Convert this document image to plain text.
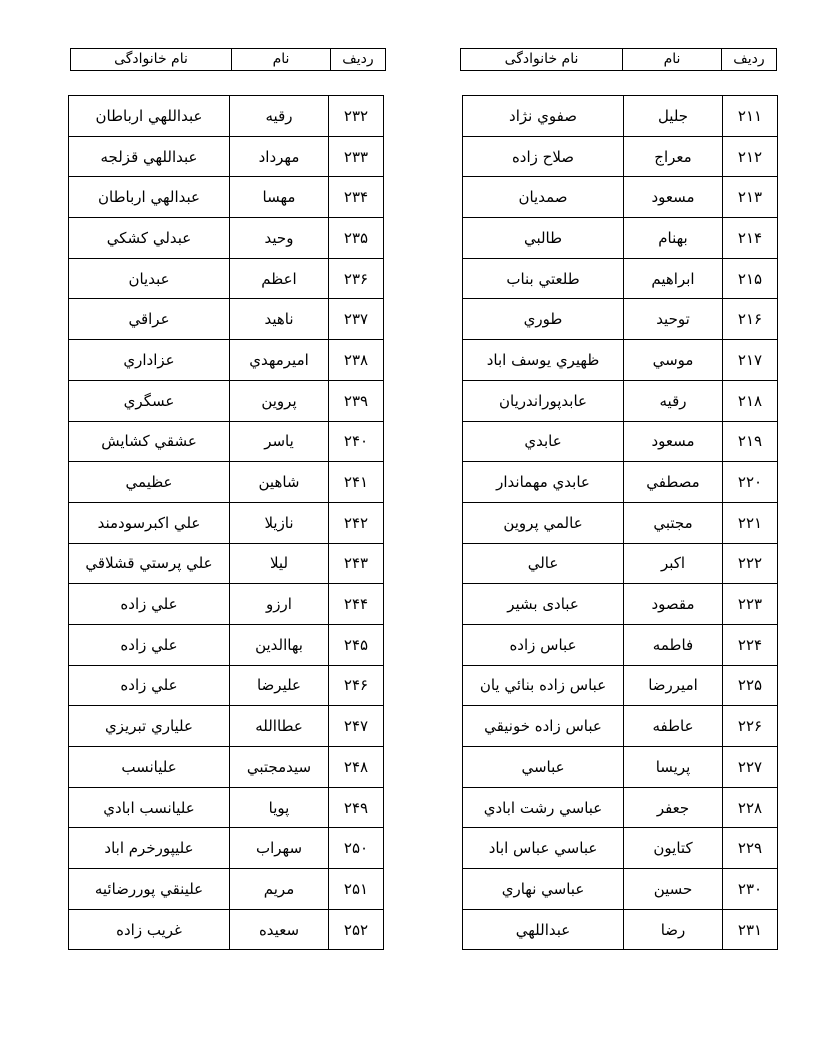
ردیف	نام	نام خانوادگی
ردیف	نام	نام خانوادگی
۲۱۱	جليل	صفوي نژاد
۲۱۲	معراج	صلاح زاده
۲۱۳	مسعود	صمديان
۲۱۴	بهنام	طالبي
۲۱۵	ابراهيم	طلعتي بناب
۲۱۶	توحيد	طوري
۲۱۷	موسي	ظهيري يوسف اباد
۲۱۸	رقيه	عابدپوراندريان
۲۱۹	مسعود	عابدي
۲۲۰	مصطفي	عابدي مهماندار
۲۲۱	مجتبي	عالمي پروين
۲۲۲	اكبر	عالي
۲۲۳	مقصود	عبادی بشير
۲۲۴	فاطمه	عباس زاده
۲۲۵	اميررضا	عباس زاده بنائي يان
۲۲۶	عاطفه	عباس زاده خونيقي
۲۲۷	پريسا	عباسي
۲۲۸	جعفر	عباسي رشت ابادي
۲۲۹	كتايون	عباسي عباس اباد
۲۳۰	حسين	عباسي نهاري
۲۳۱	رضا	عبداللهي
۲۳۲	رقيه	عبداللهي ارباطان
۲۳۳	مهرداد	عبداللهي قزلجه
۲۳۴	مهسا	عبدالهي ارباطان
۲۳۵	وحيد	عبدلي كشكي
۲۳۶	اعظم	عبديان
۲۳۷	ناهيد	عراقي
۲۳۸	اميرمهدي	عزاداري
۲۳۹	پروين	عسگري
۲۴۰	ياسر	عشقي كشايش
۲۴۱	شاهين	عظيمي
۲۴۲	نازيلا	علي اكبرسودمند
۲۴۳	ليلا	علي پرستي قشلاقي
۲۴۴	ارزو	علي زاده
۲۴۵	بهاالدين	علي زاده
۲۴۶	عليرضا	علي زاده
۲۴۷	عطاالله	علياري تبريزي
۲۴۸	سيدمجتبي	عليانسب
۲۴۹	پويا	عليانسب ابادي
۲۵۰	سهراب	عليپورخرم اباد
۲۵۱	مريم	علينقي پوررضائيه
۲۵۲	سعيده	غريب زاده
